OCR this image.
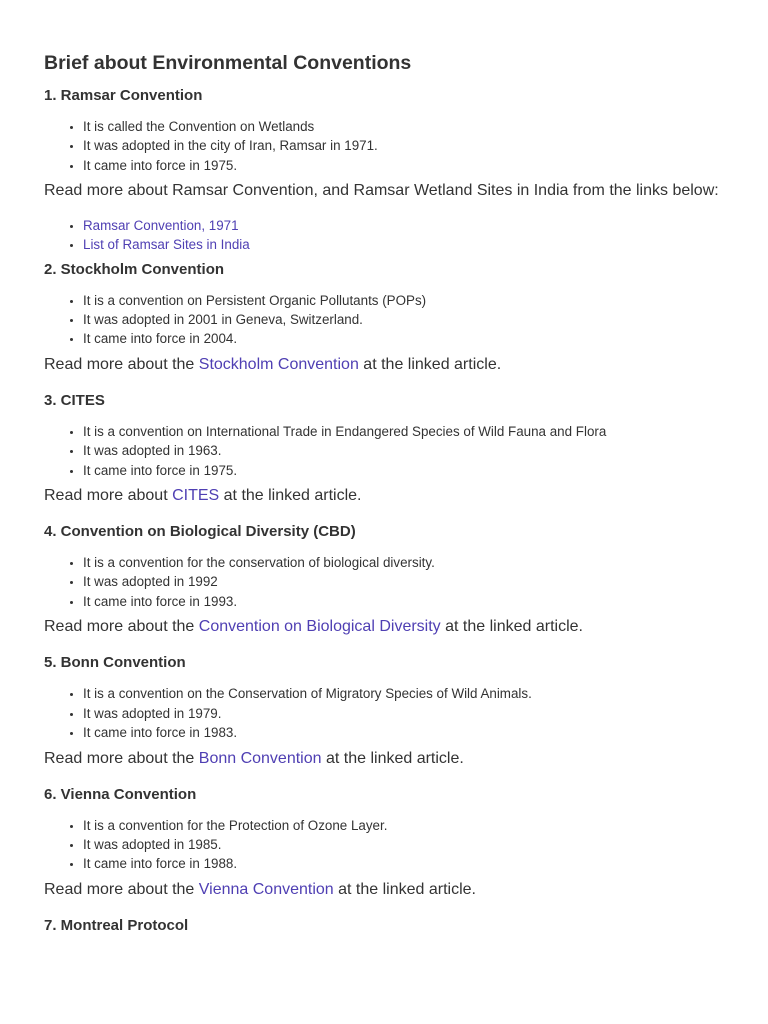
Brief about Environmental Conventions
1. Ramsar Convention
• It is called the Convention on Wetlands
• It was adopted in the city of Iran, Ramsar in 1971.
• It came into force in 1975.

Read more about Ramsar Convention, and Ramsar Wetland Sites in India from the links below:

• Ramsar Convention, 1971
• List of Ramsar Sites in India
2. Stockholm Convention
• It is a convention on Persistent Organic Pollutants (POPs)
• It was adopted in 2001 in Geneva, Switzerland.
• It came into force in 2004.

Read more about the Stockholm Convention at the linked article.

3. CITES
• It is a convention on International Trade in Endangered Species of Wild Fauna and Flora
• It was adopted in 1963.
• It came into force in 1975.

Read more about CITES at the linked article.

4. Convention on Biological Diversity (CBD)
• It is a convention for the conservation of biological diversity.
• It was adopted in 1992
• It came into force in 1993.

Read more about the Convention on Biological Diversity at the linked article.

5. Bonn Convention
• It is a convention on the Conservation of Migratory Species of Wild Animals.
• It was adopted in 1979.
• It came into force in 1983.

Read more about the Bonn Convention at the linked article.

6. Vienna Convention
• It is a convention for the Protection of Ozone Layer.
• It was adopted in 1985.
• It came into force in 1988.

Read more about the Vienna Convention at the linked article.

7. Montreal Protocol
